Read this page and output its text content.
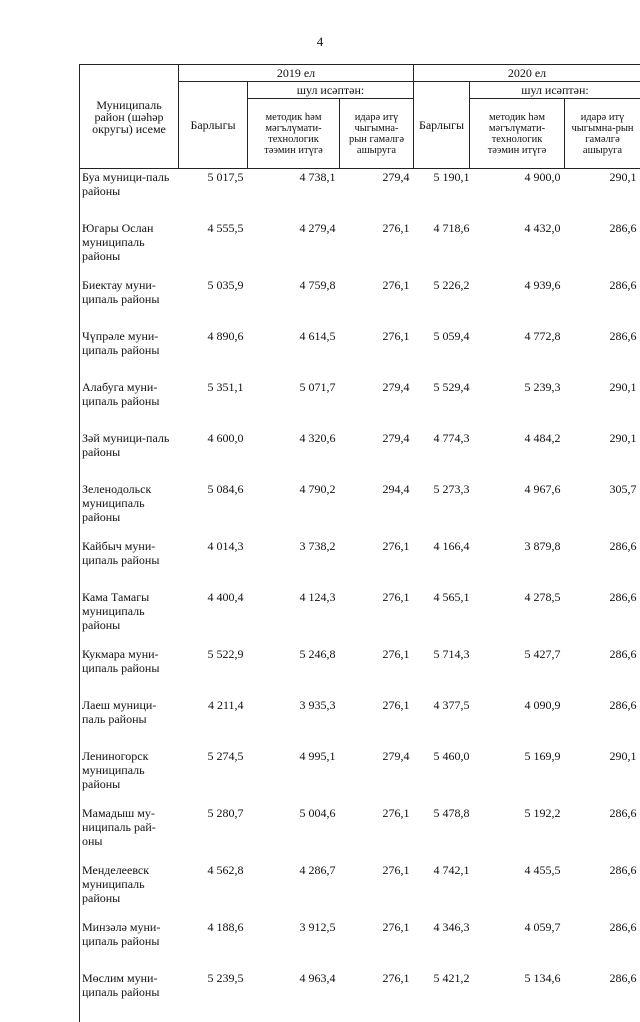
4
Муниципаль район (шәһәр округы) исеме	2019 ел			2020 ел		
	Барлыгы	шул исәптән:		Барлыгы	шул исәптән:	
		методик һәм мәгълүмати-технологик тәэмин итүгә	идарә итү чыгымна-рын гамәлгә ашыруга		методик һәм мәгълүмати-технологик тәэмин итүгә	идарә итү чыгымна-рын гамәлгә ашыруга
Буа муници-паль районы	5 017,5	4 738,1	279,4	5 190,1	4 900,0	290,1
Югары Ослан муниципаль районы	4 555,5	4 279,4	276,1	4 718,6	4 432,0	286,6
Биектау муни-ципаль районы	5 035,9	4 759,8	276,1	5 226,2	4 939,6	286,6
Чүпрәле муни-ципаль районы	4 890,6	4 614,5	276,1	5 059,4	4 772,8	286,6
Алабуга муни-ципаль районы	5 351,1	5 071,7	279,4	5 529,4	5 239,3	290,1
Зәй муници-паль районы	4 600,0	4 320,6	279,4	4 774,3	4 484,2	290,1
Зеленодольск муниципаль районы	5 084,6	4 790,2	294,4	5 273,3	4 967,6	305,7
Кайбыч муни-ципаль районы	4 014,3	3 738,2	276,1	4 166,4	3 879,8	286,6
Кама Тамагы муниципаль районы	4 400,4	4 124,3	276,1	4 565,1	4 278,5	286,6
Кукмара муни-ципаль районы	5 522,9	5 246,8	276,1	5 714,3	5 427,7	286,6
Лаеш муници-паль районы	4 211,4	3 935,3	276,1	4 377,5	4 090,9	286,6
Лениногорск муниципаль районы	5 274,5	4 995,1	279,4	5 460,0	5 169,9	290,1
Мамадыш му-ниципаль рай-оны	5 280,7	5 004,6	276,1	5 478,8	5 192,2	286,6
Менделеевск муниципаль районы	4 562,8	4 286,7	276,1	4 742,1	4 455,5	286,6
Минзәлә муни-ципаль районы	4 188,6	3 912,5	276,1	4 346,3	4 059,7	286,6
Мөслим муни-ципаль районы	5 239,5	4 963,4	276,1	5 421,2	5 134,6	286,6
